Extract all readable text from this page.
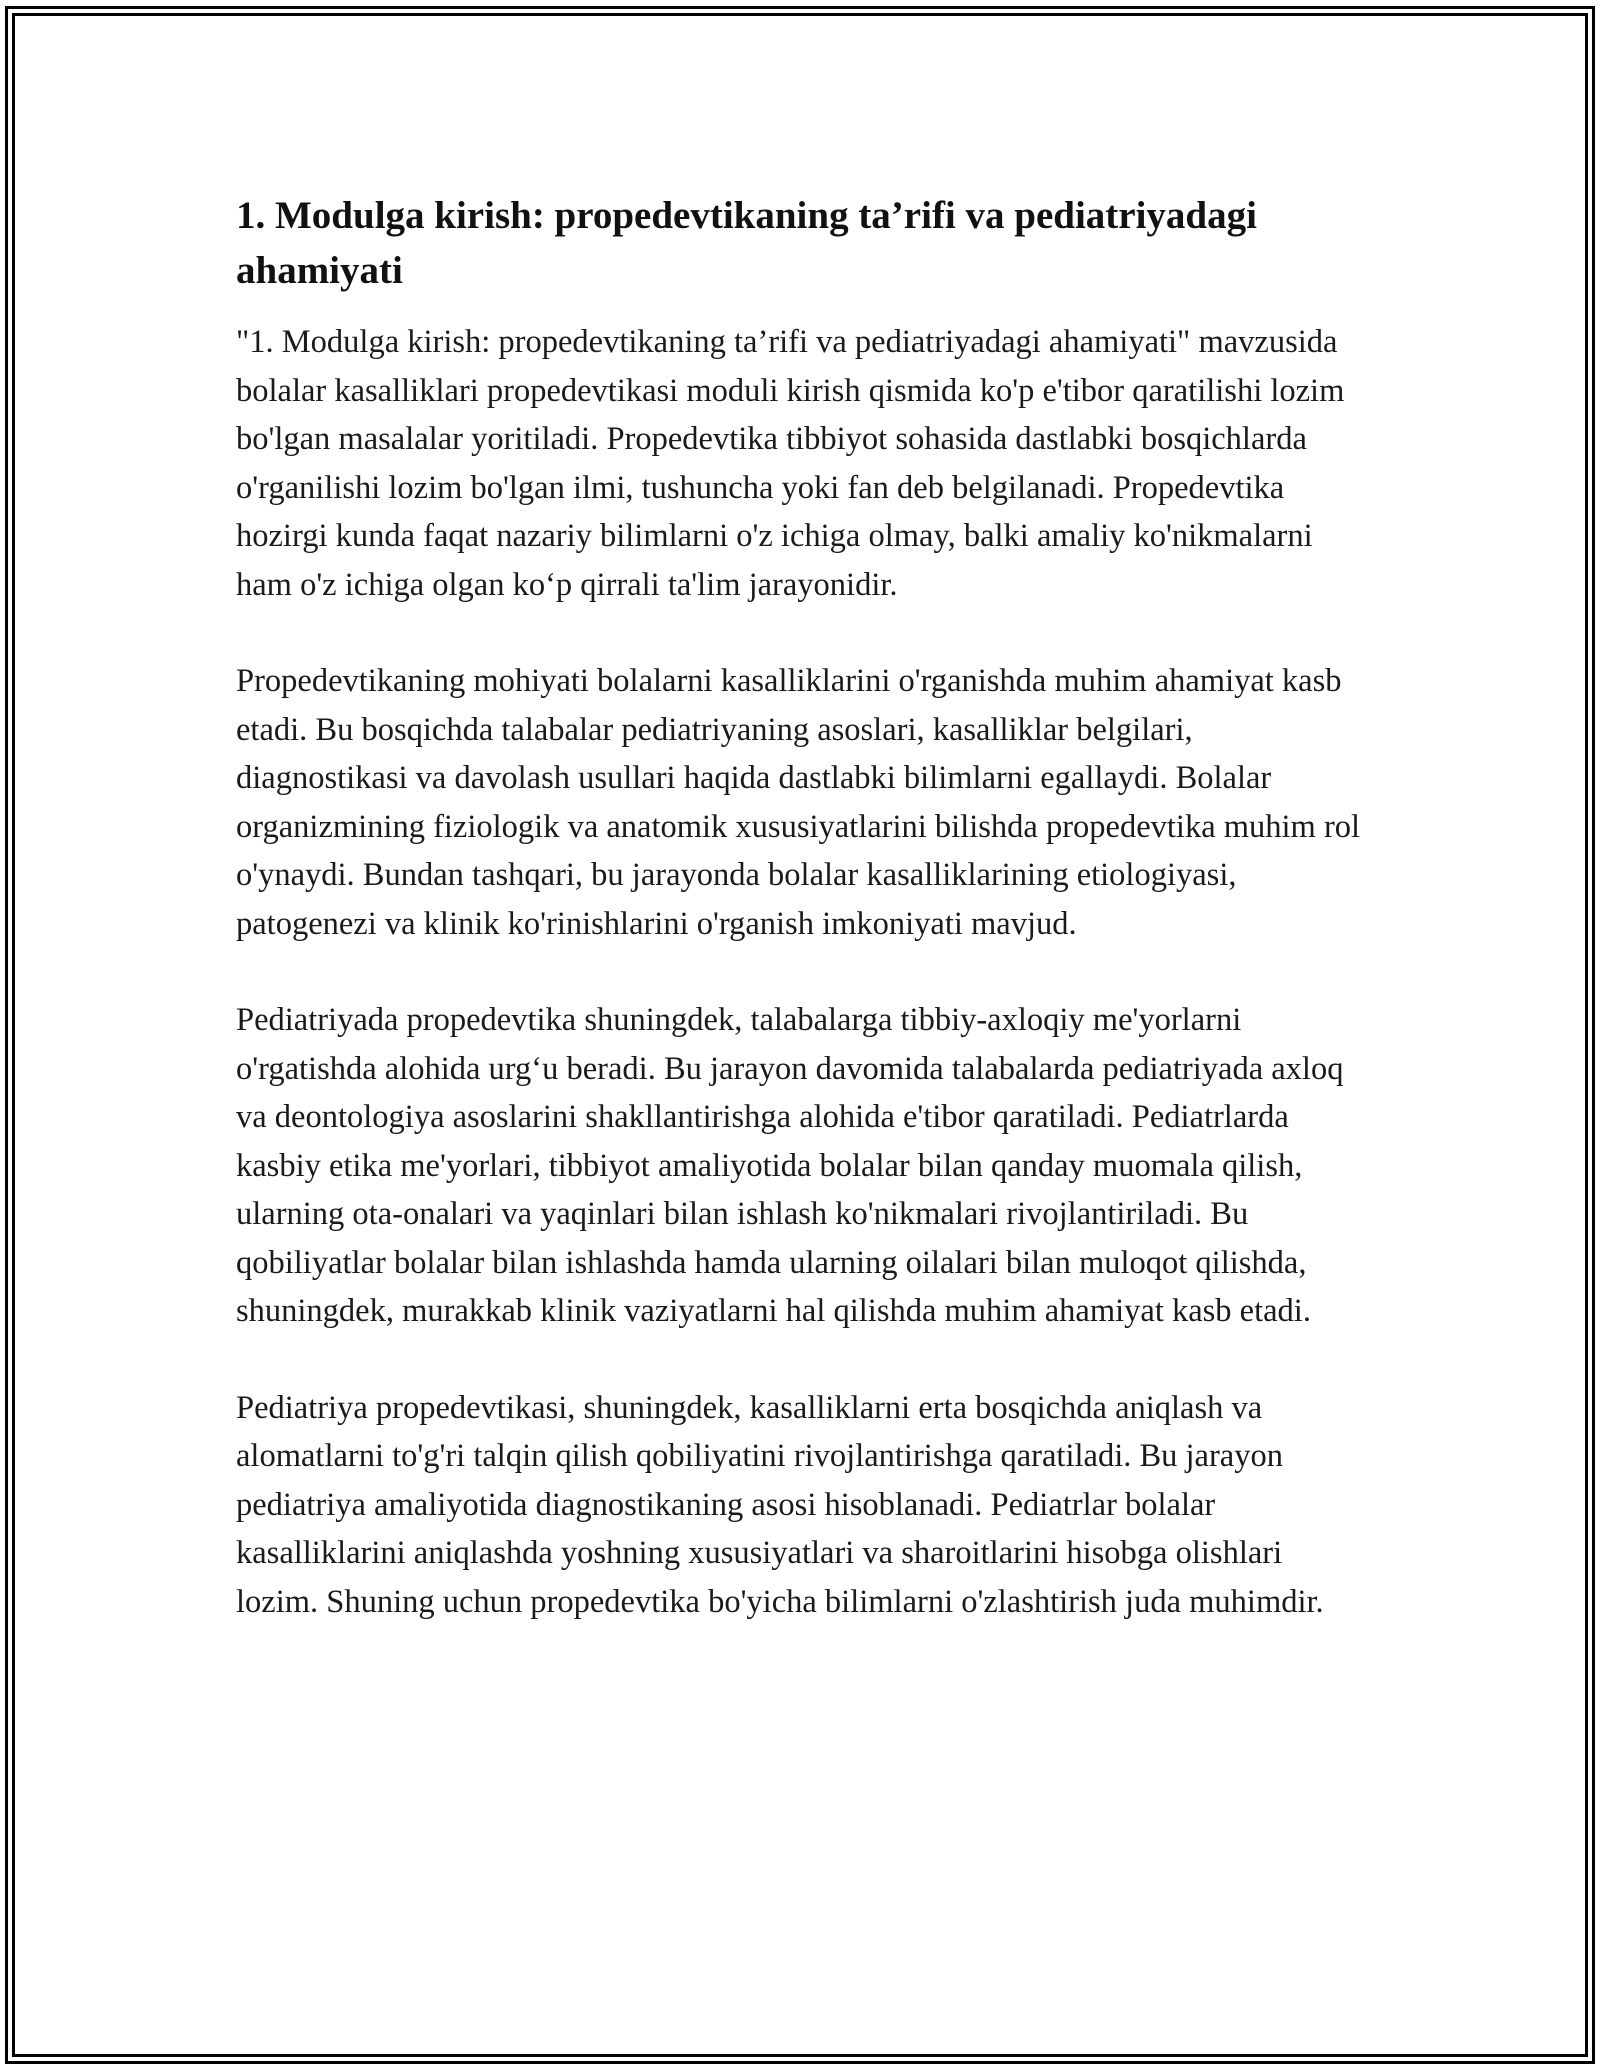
1. Modulga kirish: propedevtikaning ta’rifi va pediatriyadagi ahamiyati

"1. Modulga kirish: propedevtikaning ta’rifi va pediatriyadagi ahamiyati" mavzusida bolalar kasalliklari propedevtikasi moduli kirish qismida ko'p e'tibor qaratilishi lozim bo'lgan masalalar yoritiladi. Propedevtika tibbiyot sohasida dastlabki bosqichlarda o'rganilishi lozim bo'lgan ilmi, tushuncha yoki fan deb belgilanadi. Propedevtika hozirgi kunda faqat nazariy bilimlarni o'z ichiga olmay, balki amaliy ko'nikmalarni ham o'z ichiga olgan ko‘p qirrali ta'lim jarayonidir.

Propedevtikaning mohiyati bolalarni kasalliklarini o'rganishda muhim ahamiyat kasb etadi. Bu bosqichda talabalar pediatriyaning asoslari, kasalliklar belgilari, diagnostikasi va davolash usullari haqida dastlabki bilimlarni egallaydi. Bolalar organizmining fiziologik va anatomik xususiyatlarini bilishda propedevtika muhim rol o'ynaydi. Bundan tashqari, bu jarayonda bolalar kasalliklarining etiologiyasi, patogenezi va klinik ko'rinishlarini o'rganish imkoniyati mavjud.

Pediatriyada propedevtika shuningdek, talabalarga tibbiy-axloqiy me'yorlarni o'rgatishda alohida urg‘u beradi. Bu jarayon davomida talabalarda pediatriyada axloq va deontologiya asoslarini shakllantirishga alohida e'tibor qaratiladi. Pediatrlarda kasbiy etika me'yorlari, tibbiyot amaliyotida bolalar bilan qanday muomala qilish, ularning ota-onalari va yaqinlari bilan ishlash ko'nikmalari rivojlantiriladi. Bu qobiliyatlar bolalar bilan ishlashda hamda ularning oilalari bilan muloqot qilishda, shuningdek, murakkab klinik vaziyatlarni hal qilishda muhim ahamiyat kasb etadi.

Pediatriya propedevtikasi, shuningdek, kasalliklarni erta bosqichda aniqlash va alomatlarni to'g'ri talqin qilish qobiliyatini rivojlantirishga qaratiladi. Bu jarayon pediatriya amaliyotida diagnostikaning asosi hisoblanadi. Pediatrlar bolalar kasalliklarini aniqlashda yoshning xususiyatlari va sharoitlarini hisobga olishlari lozim. Shuning uchun propedevtika bo'yicha bilimlarni o'zlashtirish juda muhimdir.
